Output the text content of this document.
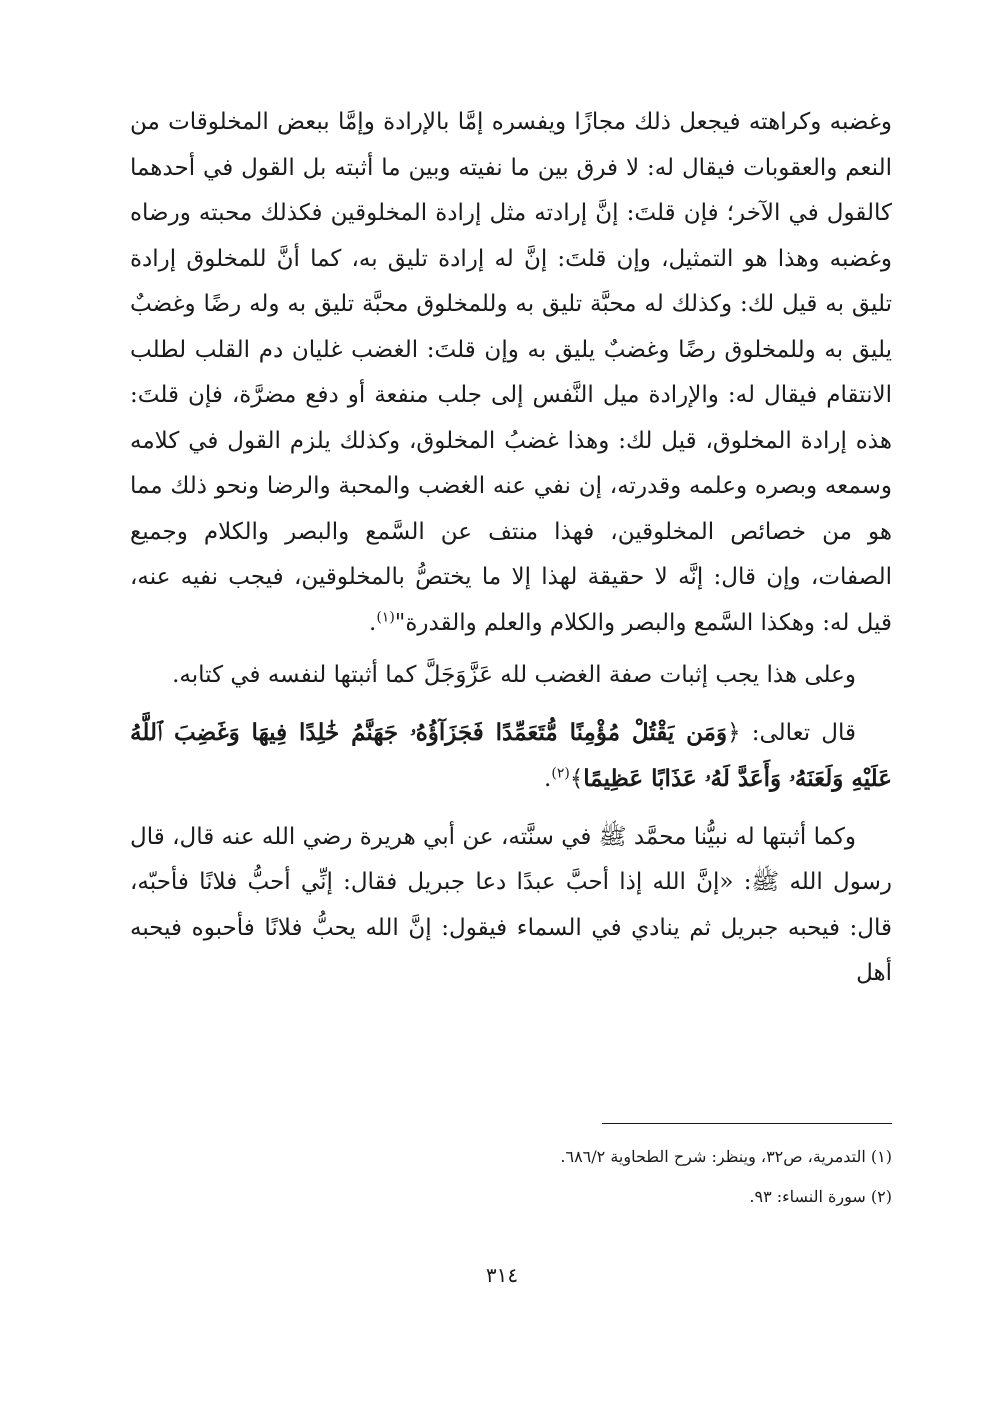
وغضبه وكراهته فيجعل ذلك مجازًا ويفسره إمَّا بالإرادة وإمَّا ببعض المخلوقات من النعم والعقوبات فيقال له: لا فرق بين ما نفيته وبين ما أثبته بل القول في أحدهما كالقول في الآخر؛ فإن قلتَ: إنَّ إرادته مثل إرادة المخلوقين فكذلك محبته ورضاه وغضبه وهذا هو التمثيل، وإن قلتَ: إنَّ له إرادة تليق به، كما أنَّ للمخلوق إرادة تليق به قيل لك: وكذلك له محبَّة تليق به وللمخلوق محبَّة تليق به وله رضًا وغضبٌ يليق به وللمخلوق رضًا وغضبٌ يليق به وإن قلتَ: الغضب غليان دم القلب لطلب الانتقام فيقال له: والإرادة ميل النَّفس إلى جلب منفعة أو دفع مضرَّة، فإن قلتَ: هذه إرادة المخلوق، قيل لك: وهذا غضبُ المخلوق، وكذلك يلزم القول في كلامه وسمعه وبصره وعلمه وقدرته، إن نفي عنه الغضب والمحبة والرضا ونحو ذلك مما هو من خصائص المخلوقين، فهذا منتف عن السَّمع والبصر والكلام وجميع الصفات، وإن قال: إنَّه لا حقيقة لهذا إلا ما يختصُّ بالمخلوقين، فيجب نفيه عنه، قيل له: وهكذا السَّمع والبصر والكلام والعلم والقدرة"$^{(١)}$.

وعلى هذا يجب إثبات صفة الغضب لله عَزَّوَجَلَّ كما أثبتها لنفسه في كتابه.

قال تعالى: ﴿وَمَن يَقْتُلْ مُؤْمِنًا مُّتَعَمِّدًا فَجَزَآؤُهُۥ جَهَنَّمُ خَٰلِدًا فِيهَا وَغَضِبَ ٱللَّهُ عَلَيْهِ وَلَعَنَهُۥ وَأَعَدَّ لَهُۥ عَذَابًا عَظِيمًا﴾$^{(٢)}$.

وكما أثبتها له نبيُّنا محمَّد ﷺ في سنَّته، عن أبي هريرة رضي الله عنه قال، قال رسول الله ﷺ: «إنَّ الله إذا أحبَّ عبدًا دعا جبريل فقال: إنِّي أحبُّ فلانًا فأحبّه، قال: فيحبه جبريل ثم ينادي في السماء فيقول: إنَّ الله يحبُّ فلانًا فأحبوه فيحبه أهل

(١) التدمرية، ص٣٢، وينظر: شرح الطحاوية ٦٨٦/٢.

(٢) سورة النساء: ٩٣.

٣١٤
